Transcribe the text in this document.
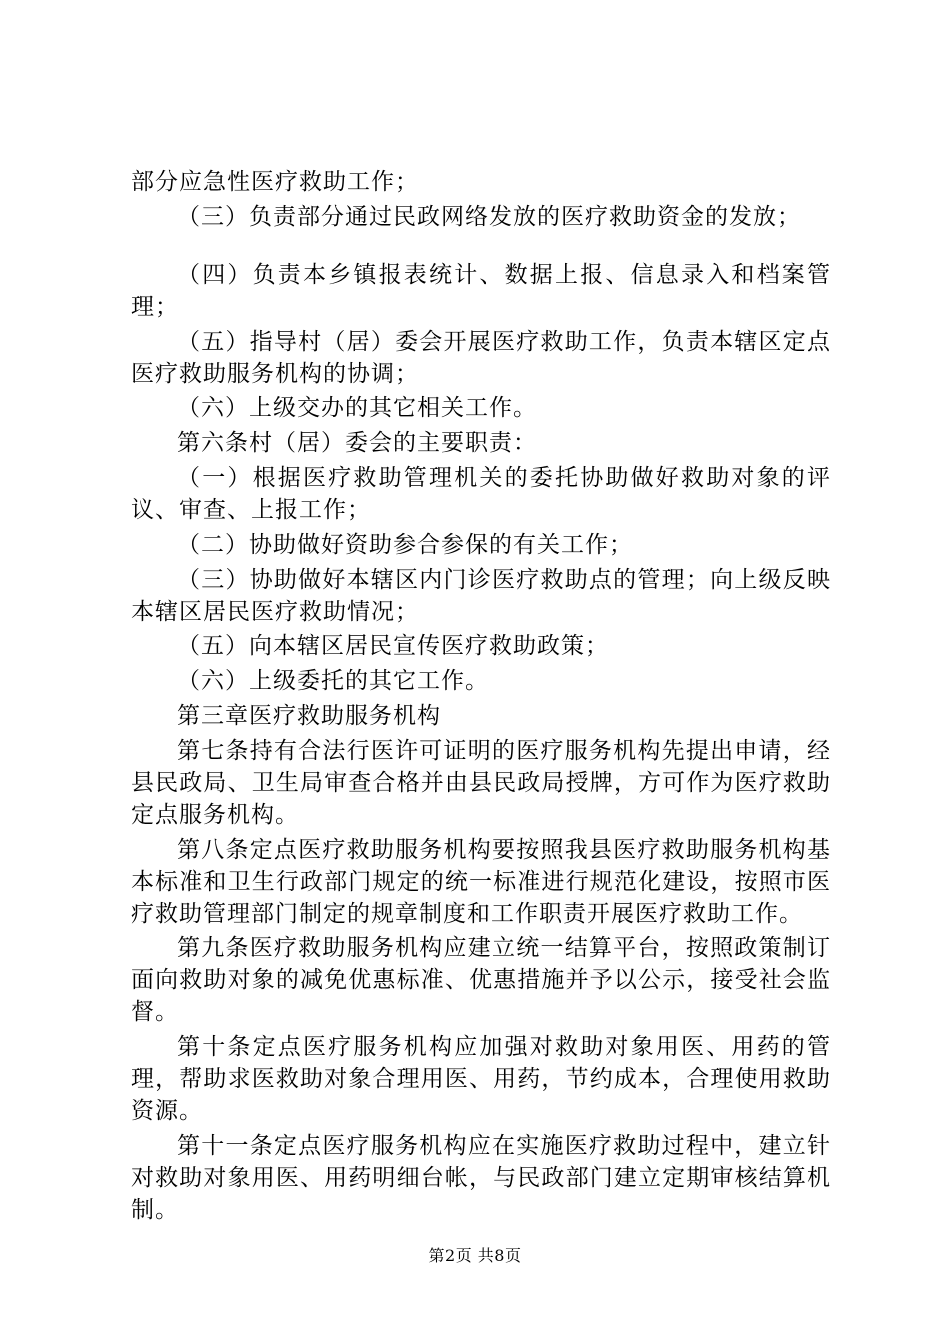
部分应急性医疗救助工作；

（三）负责部分通过民政网络发放的医疗救助资金的发放；

（四）负责本乡镇报表统计、数据上报、信息录入和档案管理；

（五）指导村（居）委会开展医疗救助工作，负责本辖区定点医疗救助服务机构的协调；

（六）上级交办的其它相关工作。

第六条村（居）委会的主要职责：

（一）根据医疗救助管理机关的委托协助做好救助对象的评议、审查、上报工作；

（二）协助做好资助参合参保的有关工作；

（三）协助做好本辖区内门诊医疗救助点的管理；向上级反映本辖区居民医疗救助情况；

（五）向本辖区居民宣传医疗救助政策；

（六）上级委托的其它工作。

第三章医疗救助服务机构

第七条持有合法行医许可证明的医疗服务机构先提出申请，经县民政局、卫生局审查合格并由县民政局授牌，方可作为医疗救助定点服务机构。

第八条定点医疗救助服务机构要按照我县医疗救助服务机构基本标准和卫生行政部门规定的统一标准进行规范化建设，按照市医疗救助管理部门制定的规章制度和工作职责开展医疗救助工作。

第九条医疗救助服务机构应建立统一结算平台，按照政策制订面向救助对象的减免优惠标准、优惠措施并予以公示，接受社会监督。

第十条定点医疗服务机构应加强对救助对象用医、用药的管理，帮助求医救助对象合理用医、用药，节约成本，合理使用救助资源。

第十一条定点医疗服务机构应在实施医疗救助过程中，建立针对救助对象用医、用药明细台帐，与民政部门建立定期审核结算机制。

第2页 共8页
